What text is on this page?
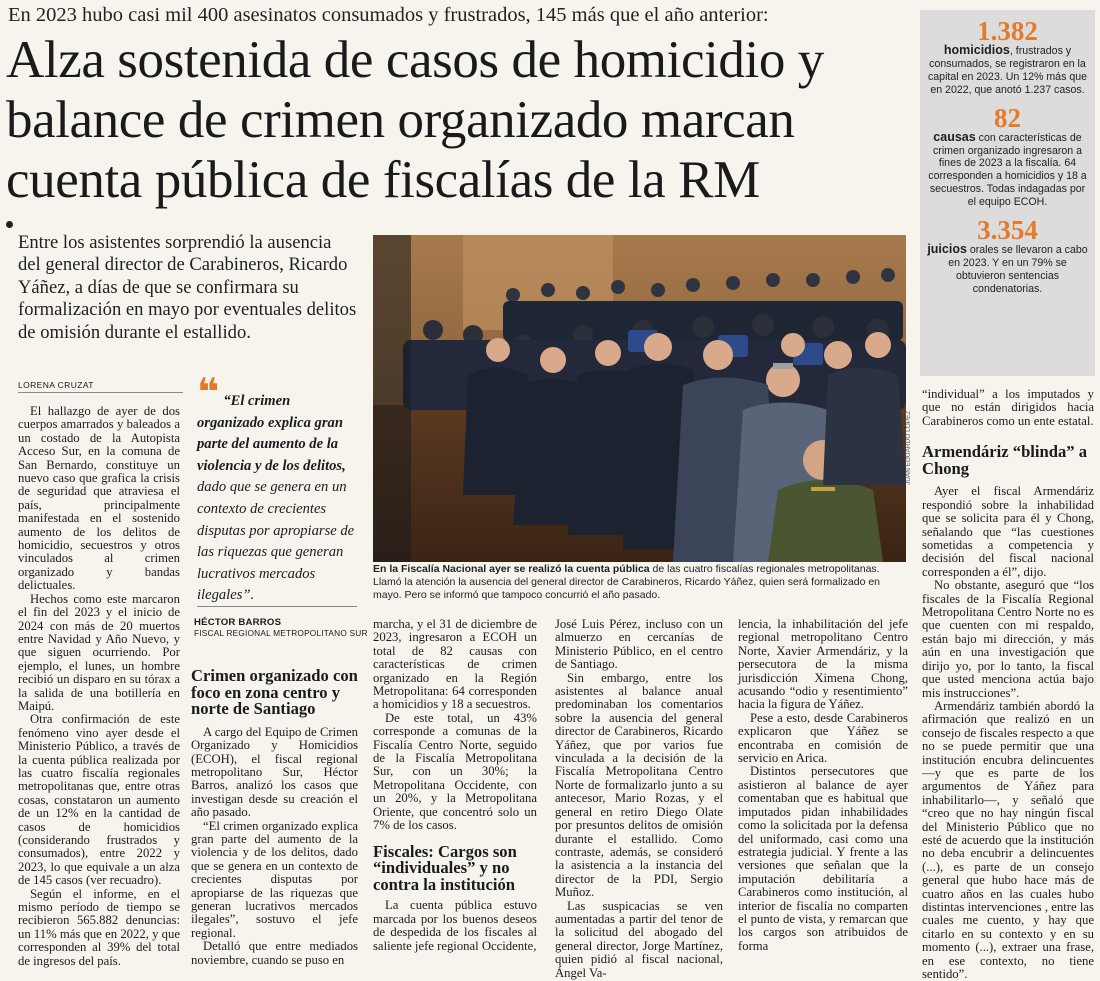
En 2023 hubo casi mil 400 asesinatos consumados y frustrados, 145 más que el año anterior:
Alza sostenida de casos de homicidio y balance de crimen organizado marcan cuenta pública de fiscalías de la RM
Entre los asistentes sorprendió la ausencia del general director de Carabineros, Ricardo Yáñez, a días de que se confirmara su formalización en mayo por eventuales delitos de omisión durante el estallido.
LORENA CRUZAT

El hallazgo de ayer de dos cuerpos amarrados y baleados a un costado de la Autopista Acceso Sur, en la comuna de San Bernardo, constituye un nuevo caso que grafica la crisis de seguridad que atraviesa el país, principalmente manifestada en el sostenido aumento de los delitos de homicidio, secuestros y otros vinculados al crimen organizado y bandas delictuales.

Hechos como este marcaron el fin del 2023 y el inicio de 2024 con más de 20 muertos entre Navidad y Año Nuevo, y que siguen ocurriendo. Por ejemplo, el lunes, un hombre recibió un disparo en su tórax a la salida de una botillería en Maipú.

Otra confirmación de este fenómeno vino ayer desde el Ministerio Público, a través de la cuenta pública realizada por las cuatro fiscalía regionales metropolitanas que, entre otras cosas, constataron un aumento de un 12% en la cantidad de casos de homicidios (considerando frustrados y consumados), entre 2022 y 2023, lo que equivale a un alza de 145 casos (ver recuadro).

Según el informe, en el mismo período de tiempo se recibieron 565.882 denuncias: un 11% más que en 2022, y que corresponden al 39% del total de ingresos del país.

❝ “El crimen organizado explica gran parte del aumento de la violencia y de los delitos, dado que se genera en un contexto de crecientes disputas por apropiarse de las riquezas que generan lucrativos mercados ilegales”.
HÉCTOR BARROS
FISCAL REGIONAL METROPOLITANO SUR
Crimen organizado con foco en zona centro y norte de Santiago

A cargo del Equipo de Crimen Organizado y Homicidios (ECOH), el fiscal regional metropolitano Sur, Héctor Barros, analizó los casos que investigan desde su creación el año pasado.

“El crimen organizado explica gran parte del aumento de la violencia y de los delitos, dado que se genera en un contexto de crecientes disputas por apropiarse de las riquezas que generan lucrativos mercados ilegales”, sostuvo el jefe regional.

Detalló que entre mediados noviembre, cuando se puso en

JUAN EDUARDO LÓPEZ
En la Fiscalía Nacional ayer se realizó la cuenta pública de las cuatro fiscalías regionales metropolitanas. Llamó la atención la ausencia del general director de Carabineros, Ricardo Yáñez, quien será formalizado en mayo. Pero se informó que tampoco concurrió el año pasado.

marcha, y el 31 de diciembre de 2023, ingresaron a ECOH un total de 82 causas con características de crimen organizado en la Región Metropolitana: 64 corresponden a homicidios y 18 a secuestros.

De este total, un 43% corresponde a comunas de la Fiscalía Centro Norte, seguido de la Fiscalía Metropolitana Sur, con un 30%; la Metropolitana Occidente, con un 20%, y la Metropolitana Oriente, que concentró solo un 7% de los casos.

Fiscales: Cargos son “individuales” y no contra la institución

La cuenta pública estuvo marcada por los buenos deseos de despedida de los fiscales al saliente jefe regional Occidente,

José Luis Pérez, incluso con un almuerzo en cercanías de Ministerio Público, en el centro de Santiago.

Sin embargo, entre los asistentes al balance anual predominaban los comentarios sobre la ausencia del general director de Carabineros, Ricardo Yáñez, que por varios fue vinculada a la decisión de la Fiscalía Metropolitana Centro Norte de formalizarlo junto a su antecesor, Mario Rozas, y el general en retiro Diego Olate por presuntos delitos de omisión durante el estallido. Como contraste, además, se consideró la asistencia a la instancia del director de la PDI, Sergio Muñoz.

Las suspicacias se ven aumentadas a partir del tenor de la solicitud del abogado del general director, Jorge Martínez, quien pidió al fiscal nacional, Ángel Va-

lencia, la inhabilitación del jefe regional metropolitano Centro Norte, Xavier Armendáriz, y la persecutora de la misma jurisdicción Ximena Chong, acusando “odio y resentimiento” hacia la figura de Yáñez.

Pese a esto, desde Carabineros explicaron que Yáñez se encontraba en comisión de servicio en Arica.

Distintos persecutores que asistieron al balance de ayer comentaban que es habitual que imputados pidan inhabilidades como la solicitada por la defensa del uniformado, casi como una estrategia judicial. Y frente a las versiones que señalan que la imputación debilitaría a Carabineros como institución, al interior de fiscalía no comparten el punto de vista, y remarcan que los cargos son atribuidos de forma

1.382
homicidios, frustrados y consumados, se registraron en la capital en 2023. Un 12% más que en 2022, que anotó 1.237 casos.
82
causas con características de crimen organizado ingresaron a fines de 2023 a la fiscalía. 64 corresponden a homicidios y 18 a secuestros. Todas indagadas por el equipo ECOH.
3.354
juicios orales se llevaron a cabo en 2023. Y en un 79% se obtuvieron sentencias condenatorias.

“individual” a los imputados y que no están dirigidos hacia Carabineros como un ente estatal.

Armendáriz “blinda” a Chong

Ayer el fiscal Armendáriz respondió sobre la inhabilidad que se solicita para él y Chong, señalando que “las cuestiones sometidas a competencia y decisión del fiscal nacional corresponden a él”, dijo.

No obstante, aseguró que “los fiscales de la Fiscalía Regional Metropolitana Centro Norte no es que cuenten con mi respaldo, están bajo mi dirección, y más aún en una investigación que dirijo yo, por lo tanto, la fiscal que usted menciona actúa bajo mis instrucciones”.

Armendáriz también abordó la afirmación que realizó en un consejo de fiscales respecto a que no se puede permitir que una institución encubra delincuentes —y que es parte de los argumentos de Yáñez para inhabilitarlo—, y señaló que “creo que no hay ningún fiscal del Ministerio Público que no esté de acuerdo que la institución no deba encubrir a delincuentes (...), es parte de un consejo general que hubo hace más de cuatro años en las cuales hubo distintas intervenciones , entre las cuales me cuento, y hay que citarlo en su contexto y en su momento (...), extraer una frase, en ese contexto, no tiene sentido”.
